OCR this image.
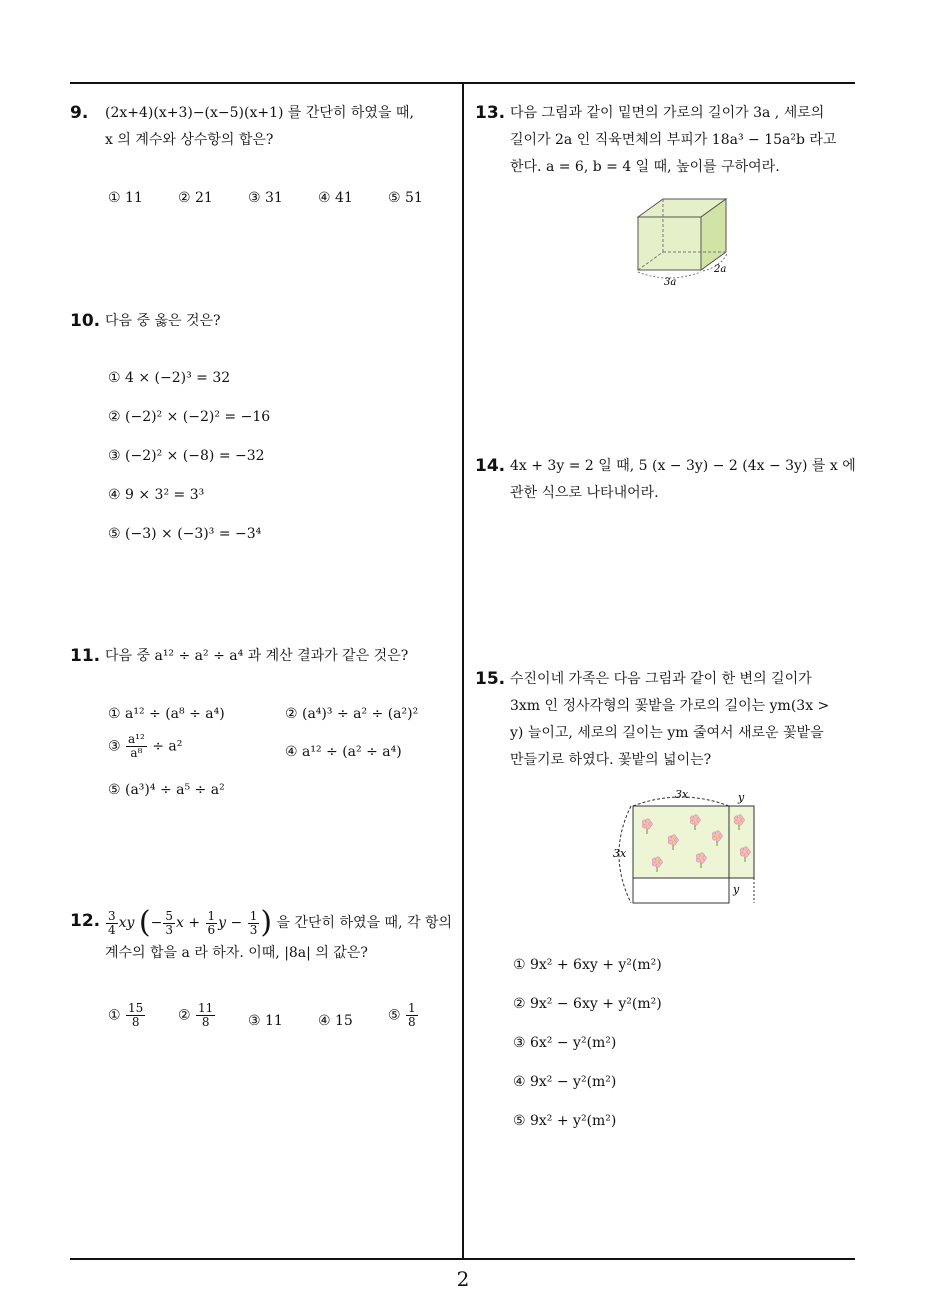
9. (2x+4)(x+3)−(x−5)(x+1) 를 간단히 하였을 때,
x 의 계수와 상수항의 합은?
① 11	② 21	③ 31	④ 41	⑤ 51
10. 다음 중 옳은 것은?
① 4 × (−2)³ = 32
② (−2)² × (−2)² = −16
③ (−2)² × (−8) = −32
④ 9 × 3² = 3³
⑤ (−3) × (−3)³ = −3⁴
11. 다음 중 a¹² ÷ a² ÷ a⁴ 과 계산 결과가 같은 것은?
① a¹² ÷ (a⁸ ÷ a⁴)	② (a⁴)³ ÷ a² ÷ (a²)²
③ $\frac{\text{a¹²}}{\text{a⁸}} \div a^2$	④ a¹² ÷ (a² ÷ a⁴)
⑤ (a³)⁴ ÷ a⁵ ÷ a²
12. $\frac{3}{4}$ xy (− $\frac{5}{3}$ $x + \frac{1}{6}$ $y - \frac{1}{3}$ ) 을 간단히 하였을 때, 각 항의
계수의 합을 a 라 하자. 이때, |8a| 의 값은?
① $\frac{15}{8}$ ② $\frac{11}{8}$ ③ 11	④ 15	⑤ $\frac{1}{8}$
13. 다음 그림과 같이 밑면의 가로의 길이가 3a , 세로의
길이가 2a 인 직육면체의 부피가 18a³ − 15a²b 라고
한다. a = 6, b = 4 일 때, 높이를 구하여라.
3a
2a
14. 4x + 3y = 2 일 때, 5 (x − 3y) − 2 (4x − 3y) 를 x 에
관한 식으로 나타내어라.
15. 수진이네 가족은 다음 그림과 같이 한 변의 길이가
3xm 인 정사각형의 꽃밭을 가로의 길이는 ym(3x >
y) 늘이고, 세로의 길이는 ym 줄여서 새로운 꽃밭을
만들기로 하였다. 꽃밭의 넓이는?
① 9x² + 6xy + y²(m²)
② 9x² − 6xy + y²(m²)
③ 6x² − y²(m²)
④ 9x² − y²(m²)
⑤ 9x² + y²(m²)
3x	y
3x
y
2
